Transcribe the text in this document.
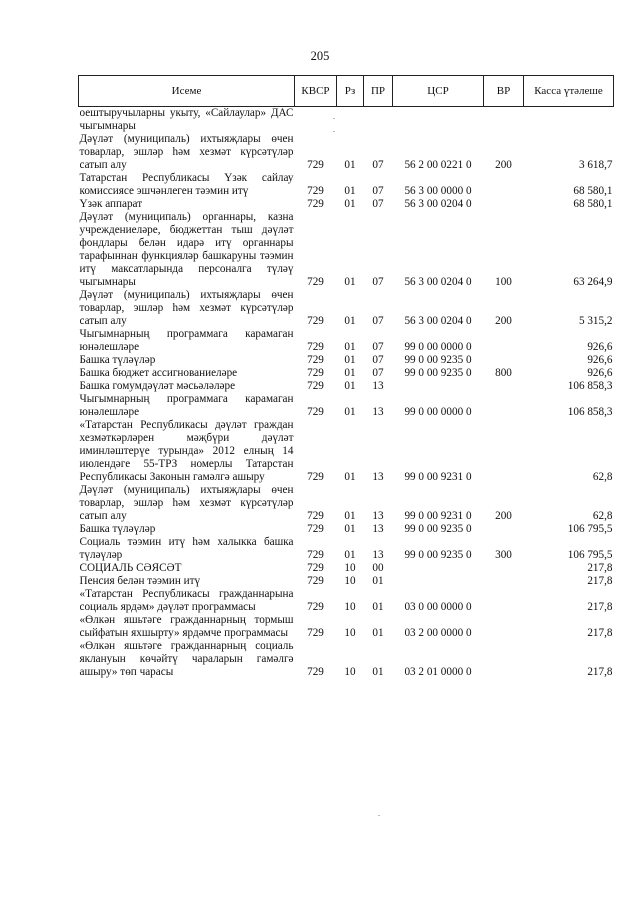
205
Исеме	КВСР	Рз	ПР	ЦСР	ВР	Касса үтәлеше
оештыручыларны укыту, «Сайлаулар» ДАС чыгымнары						
Дәүләт (муниципаль) ихтыяҗлары өчен товарлар, эшләр һәм хезмәт күрсәтүләр сатып алу	729	01	07	56 2 00 0221 0	200	3 618,7
Татарстан Республикасы Үзәк сайлау комиссиясе эшчәнлеген тәэмин итү	729	01	07	56 3 00 0000 0		68 580,1
Үзәк аппарат	729	01	07	56 3 00 0204 0		68 580,1
Дәүләт (муниципаль) органнары, казна учреждениеләре, бюджеттан тыш дәүләт фондлары белән идарә итү органнары тарафыннан функцияләр башкаруны тәэмин итү максатларында персоналга түләү чыгымнары	729	01	07	56 3 00 0204 0	100	63 264,9
Дәүләт (муниципаль) ихтыяҗлары өчен товарлар, эшләр һәм хезмәт күрсәтүләр сатып алу	729	01	07	56 3 00 0204 0	200	5 315,2
Чыгымнарның программага карамаган юнәлешләре	729	01	07	99 0 00 0000 0		926,6
Башка түләүләр	729	01	07	99 0 00 9235 0		926,6
Башка бюджет ассигнованиеләре	729	01	07	99 0 00 9235 0	800	926,6
Башка гомумдәүләт мәсьәләләре	729	01	13			106 858,3
Чыгымнарның программага карамаган юнәлешләре	729	01	13	99 0 00 0000 0		106 858,3
«Татарстан Республикасы дәүләт граждан хезмәткәрләрен мәҗбүри дәүләт иминләштерүе турында» 2012 елның 14 июлендәге 55-ТРЗ номерлы Татарстан Республикасы Законын гамәлгә ашыру	729	01	13	99 0 00 9231 0		62,8
Дәүләт (муниципаль) ихтыяҗлары өчен товарлар, эшләр һәм хезмәт күрсәтүләр сатып алу	729	01	13	99 0 00 9231 0	200	62,8
Башка түләүләр	729	01	13	99 0 00 9235 0		106 795,5
Социаль тәэмин итү һәм халыкка башка түләүләр	729	01	13	99 0 00 9235 0	300	106 795,5
СОЦИАЛЬ СӘЯСӘТ	729	10	00			217,8
Пенсия белән тәэмин итү	729	10	01			217,8
«Татарстан Республикасы гражданнарына социаль ярдәм» дәүләт программасы	729	10	01	03 0 00 0000 0		217,8
«Өлкән яшьтәге гражданнарның тормыш сыйфатын яхшырту» ярдәмче программасы	729	10	01	03 2 00 0000 0		217,8
«Өлкән яшьтәге гражданнарның социаль яклануын көчәйтү чараларын гамәлгә ашыру» төп чарасы	729	10	01	03 2 01 0000 0		217,8
